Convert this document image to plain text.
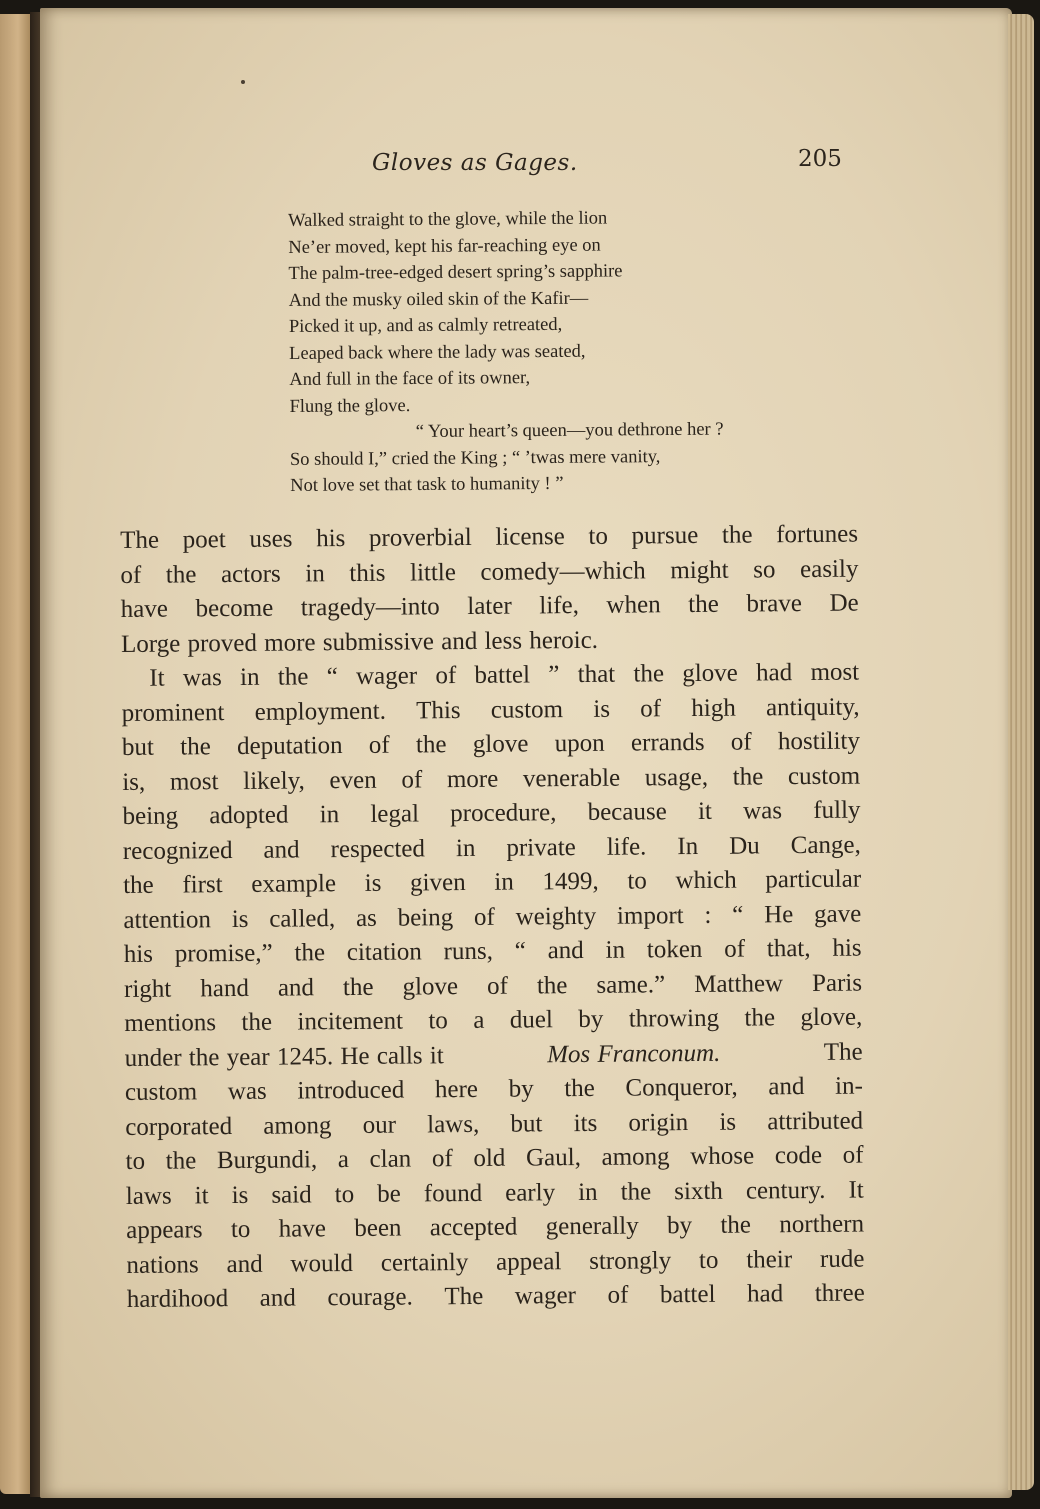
Gloves as Gages.	205
Walked straight to the glove, while the lion
Ne’er moved, kept his far-reaching eye on
The palm-tree-edged desert spring’s sapphire
And the musky oiled skin of the Kafir—
Picked it up, and as calmly retreated,
Leaped back where the lady was seated,
And full in the face of its owner,
Flung the glove.
“ Your heart’s queen—you dethrone her ?
So should I,” cried the King ; “ ’twas mere vanity,
Not love set that task to humanity ! ”
The poet uses his proverbial license to pursue the fortunes
of the actors in this little comedy—which might so easily
have become tragedy—into later life, when the brave De
Lorge proved more submissive and less heroic.
It was in the “ wager of battel ” that the glove had most
prominent employment. This custom is of high antiquity,
but the deputation of the glove upon errands of hostility
is, most likely, even of more venerable usage, the custom
being adopted in legal procedure, because it was fully
recognized and respected in private life. In Du Cange,
the first example is given in 1499, to which particular
attention is called, as being of weighty import : “ He gave
his promise,” the citation runs, “ and in token of that, his
right hand and the glove of the same.” Matthew Paris
mentions the incitement to a duel by throwing the glove,
under the year 1245. He calls it	Mos Franconum.	The
custom was introduced here by the Conqueror, and in-
corporated among our laws, but its origin is attributed
to the Burgundi, a clan of old Gaul, among whose code of
laws it is said to be found early in the sixth century. It
appears to have been accepted generally by the northern
nations and would certainly appeal strongly to their rude
hardihood and courage. The wager of battel had three
